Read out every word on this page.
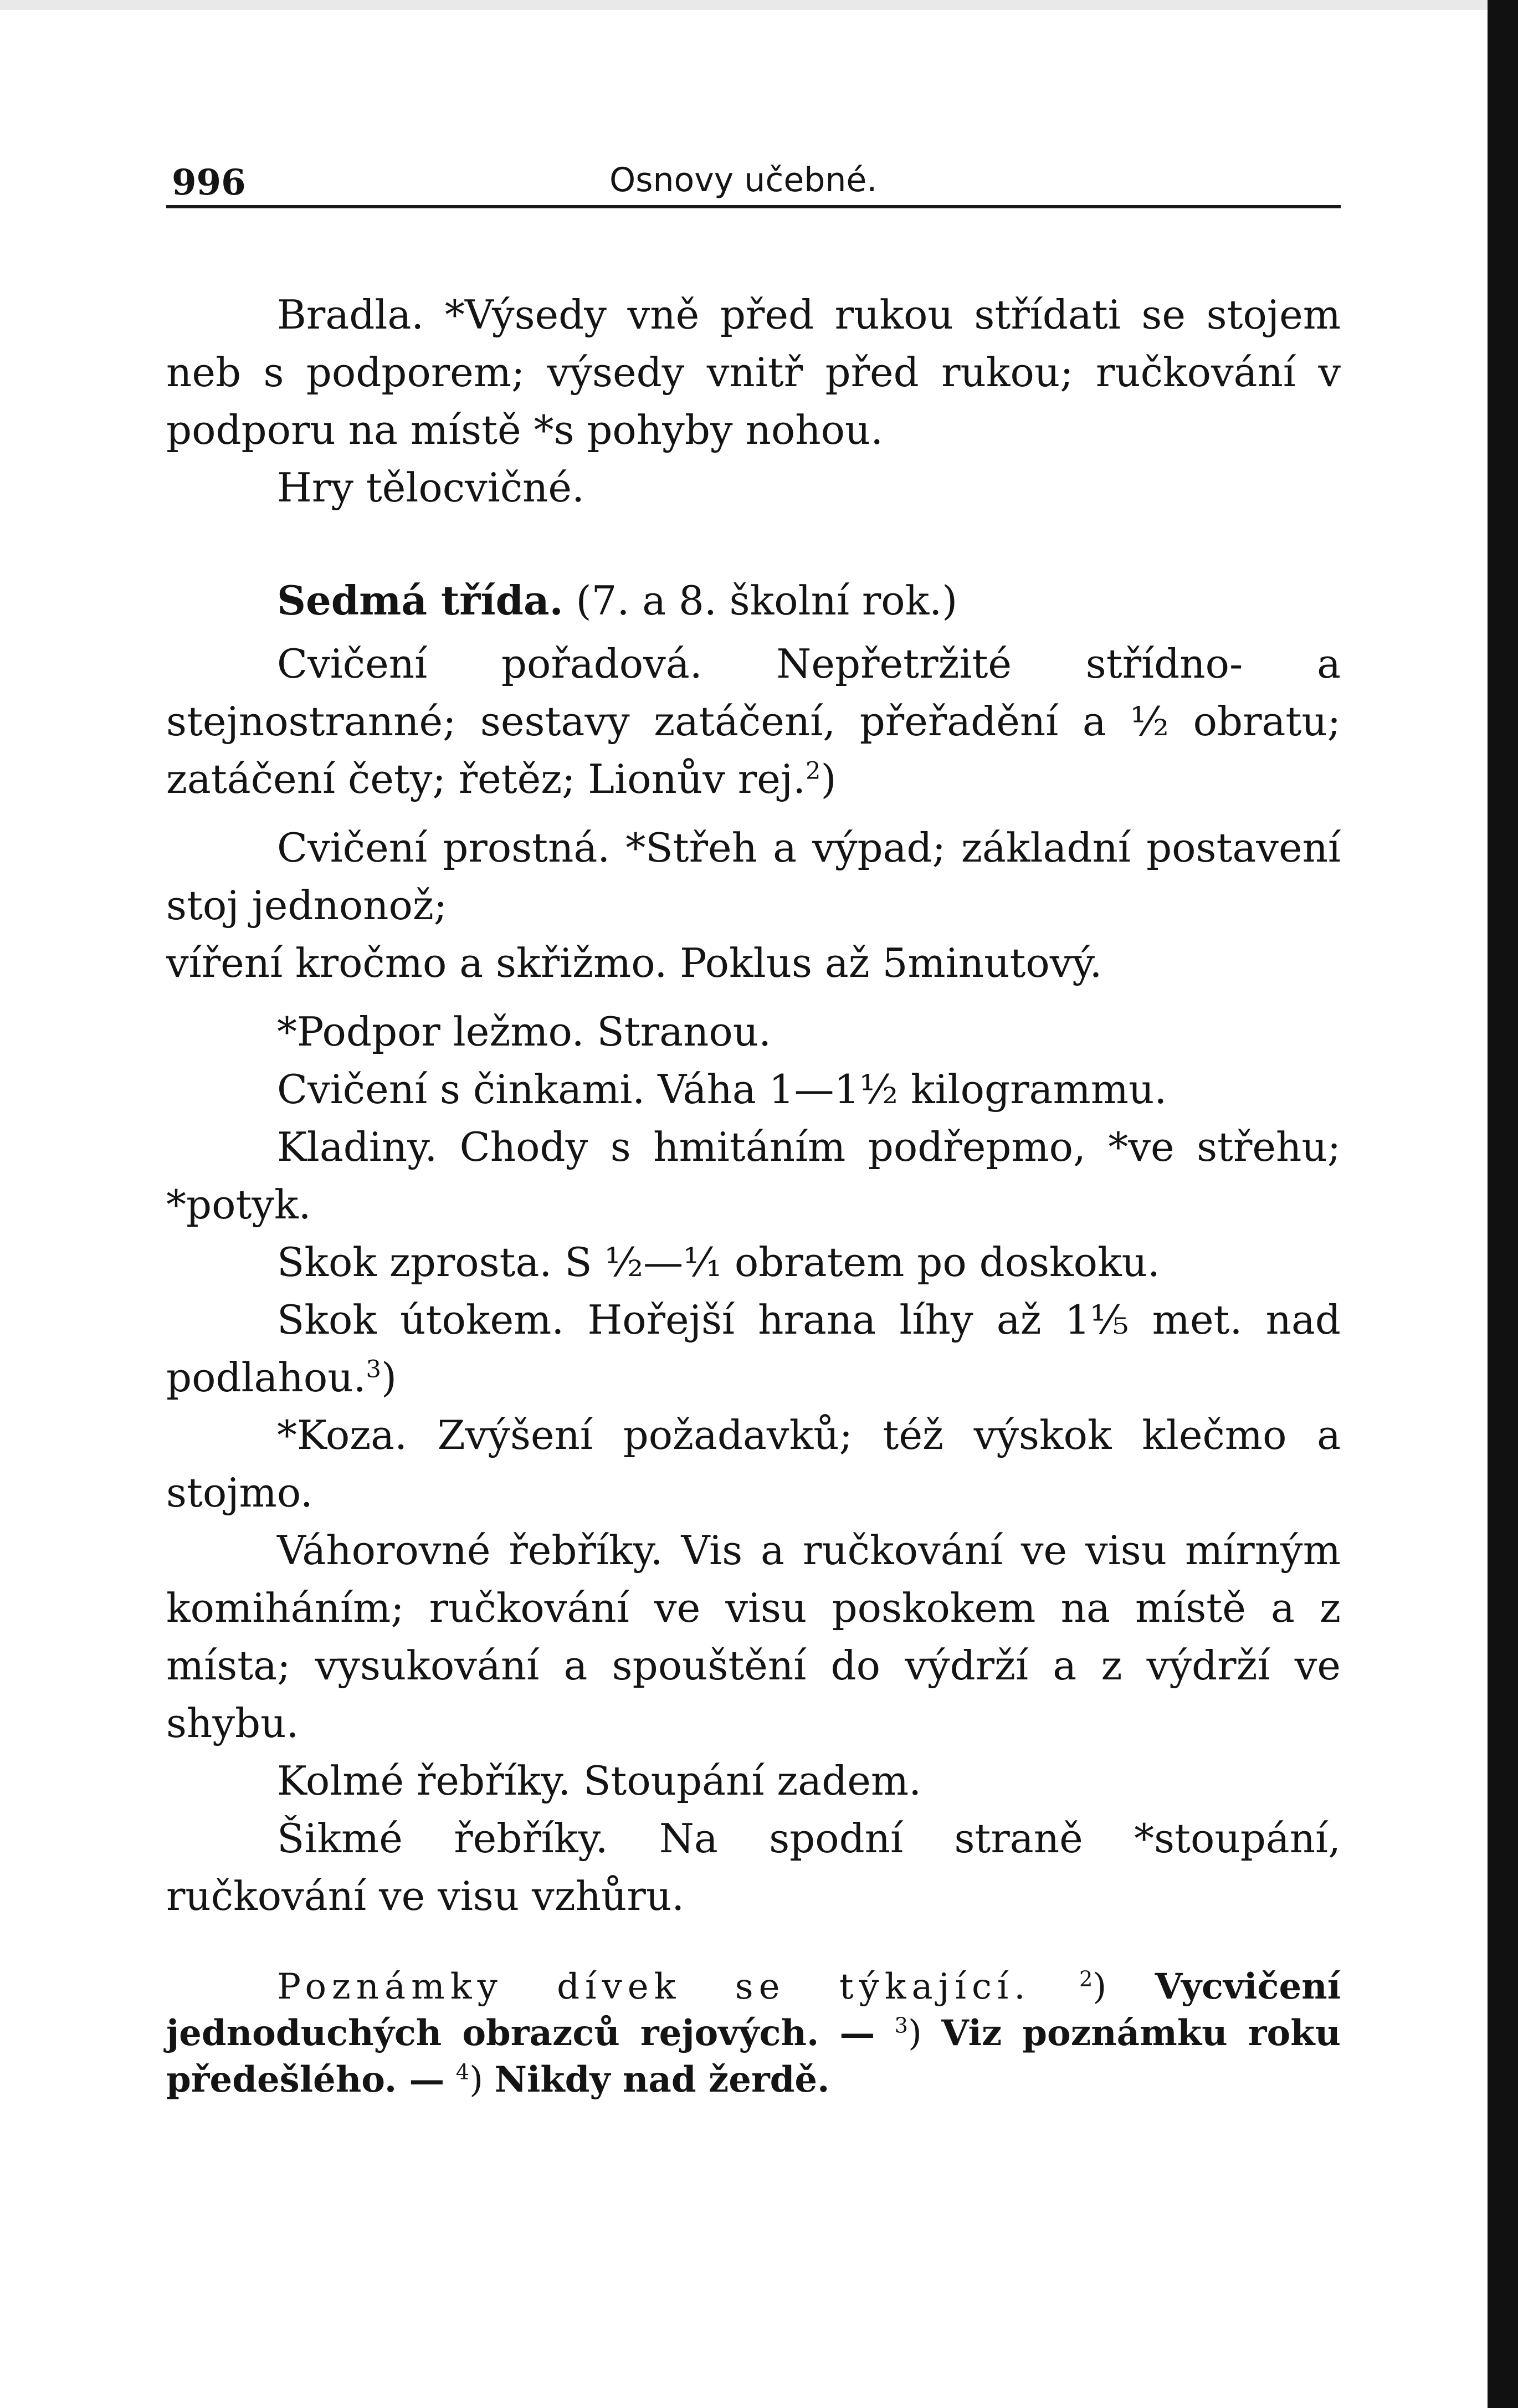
996	Osnovy učebné.

Bradla. *Výsedy vně před rukou střídati se stojem neb s podporem; výsedy vnitř před rukou; ručkování v podporu na místě *s pohyby nohou.

Hry tělocvičné.

Sedmá třída. (7. a 8. školní rok.)

Cvičení pořadová. Nepřetržité střídno- a stejnostranné; sestavy zatáčení, přeřadění a ½ obratu; zatáčení čety; řetěz; Lionův rej.$^2$)

Cvičení prostná. *Střeh a výpad; základní postavení stoj jednonož;

víření kročmo a skřižmo. Poklus až 5minutový.

*Podpor ležmo. Stranou.

Cvičení s činkami. Váha 1—1½ kilogrammu.

Kladiny. Chody s hmitáním podřepmo, *ve střehu; *potyk.

Skok zprosta. S ½—¹⁄₁ obratem po doskoku.

Skok útokem. Hořejší hrana líhy až 1⅕ met. nad podlahou.$^3$)

*Koza. Zvýšení požadavků; též výskok klečmo a stojmo.

Váhorovné řebříky. Vis a ručkování ve visu mírným komiháním; ručkování ve visu poskokem na místě a z místa; vysukování a spouštění do výdrží a z výdrží ve shybu.

Kolmé řebříky. Stoupání zadem.

Šikmé řebříky. Na spodní straně *stoupání, ručkování ve visu vzhůru.

Poznámky dívek se týkající. $^2$) Vycvičení jednoduchých obrazců rejových. — $^3$) Viz poznámku roku předešlého. — $^4$) Nikdy nad žerdě.
